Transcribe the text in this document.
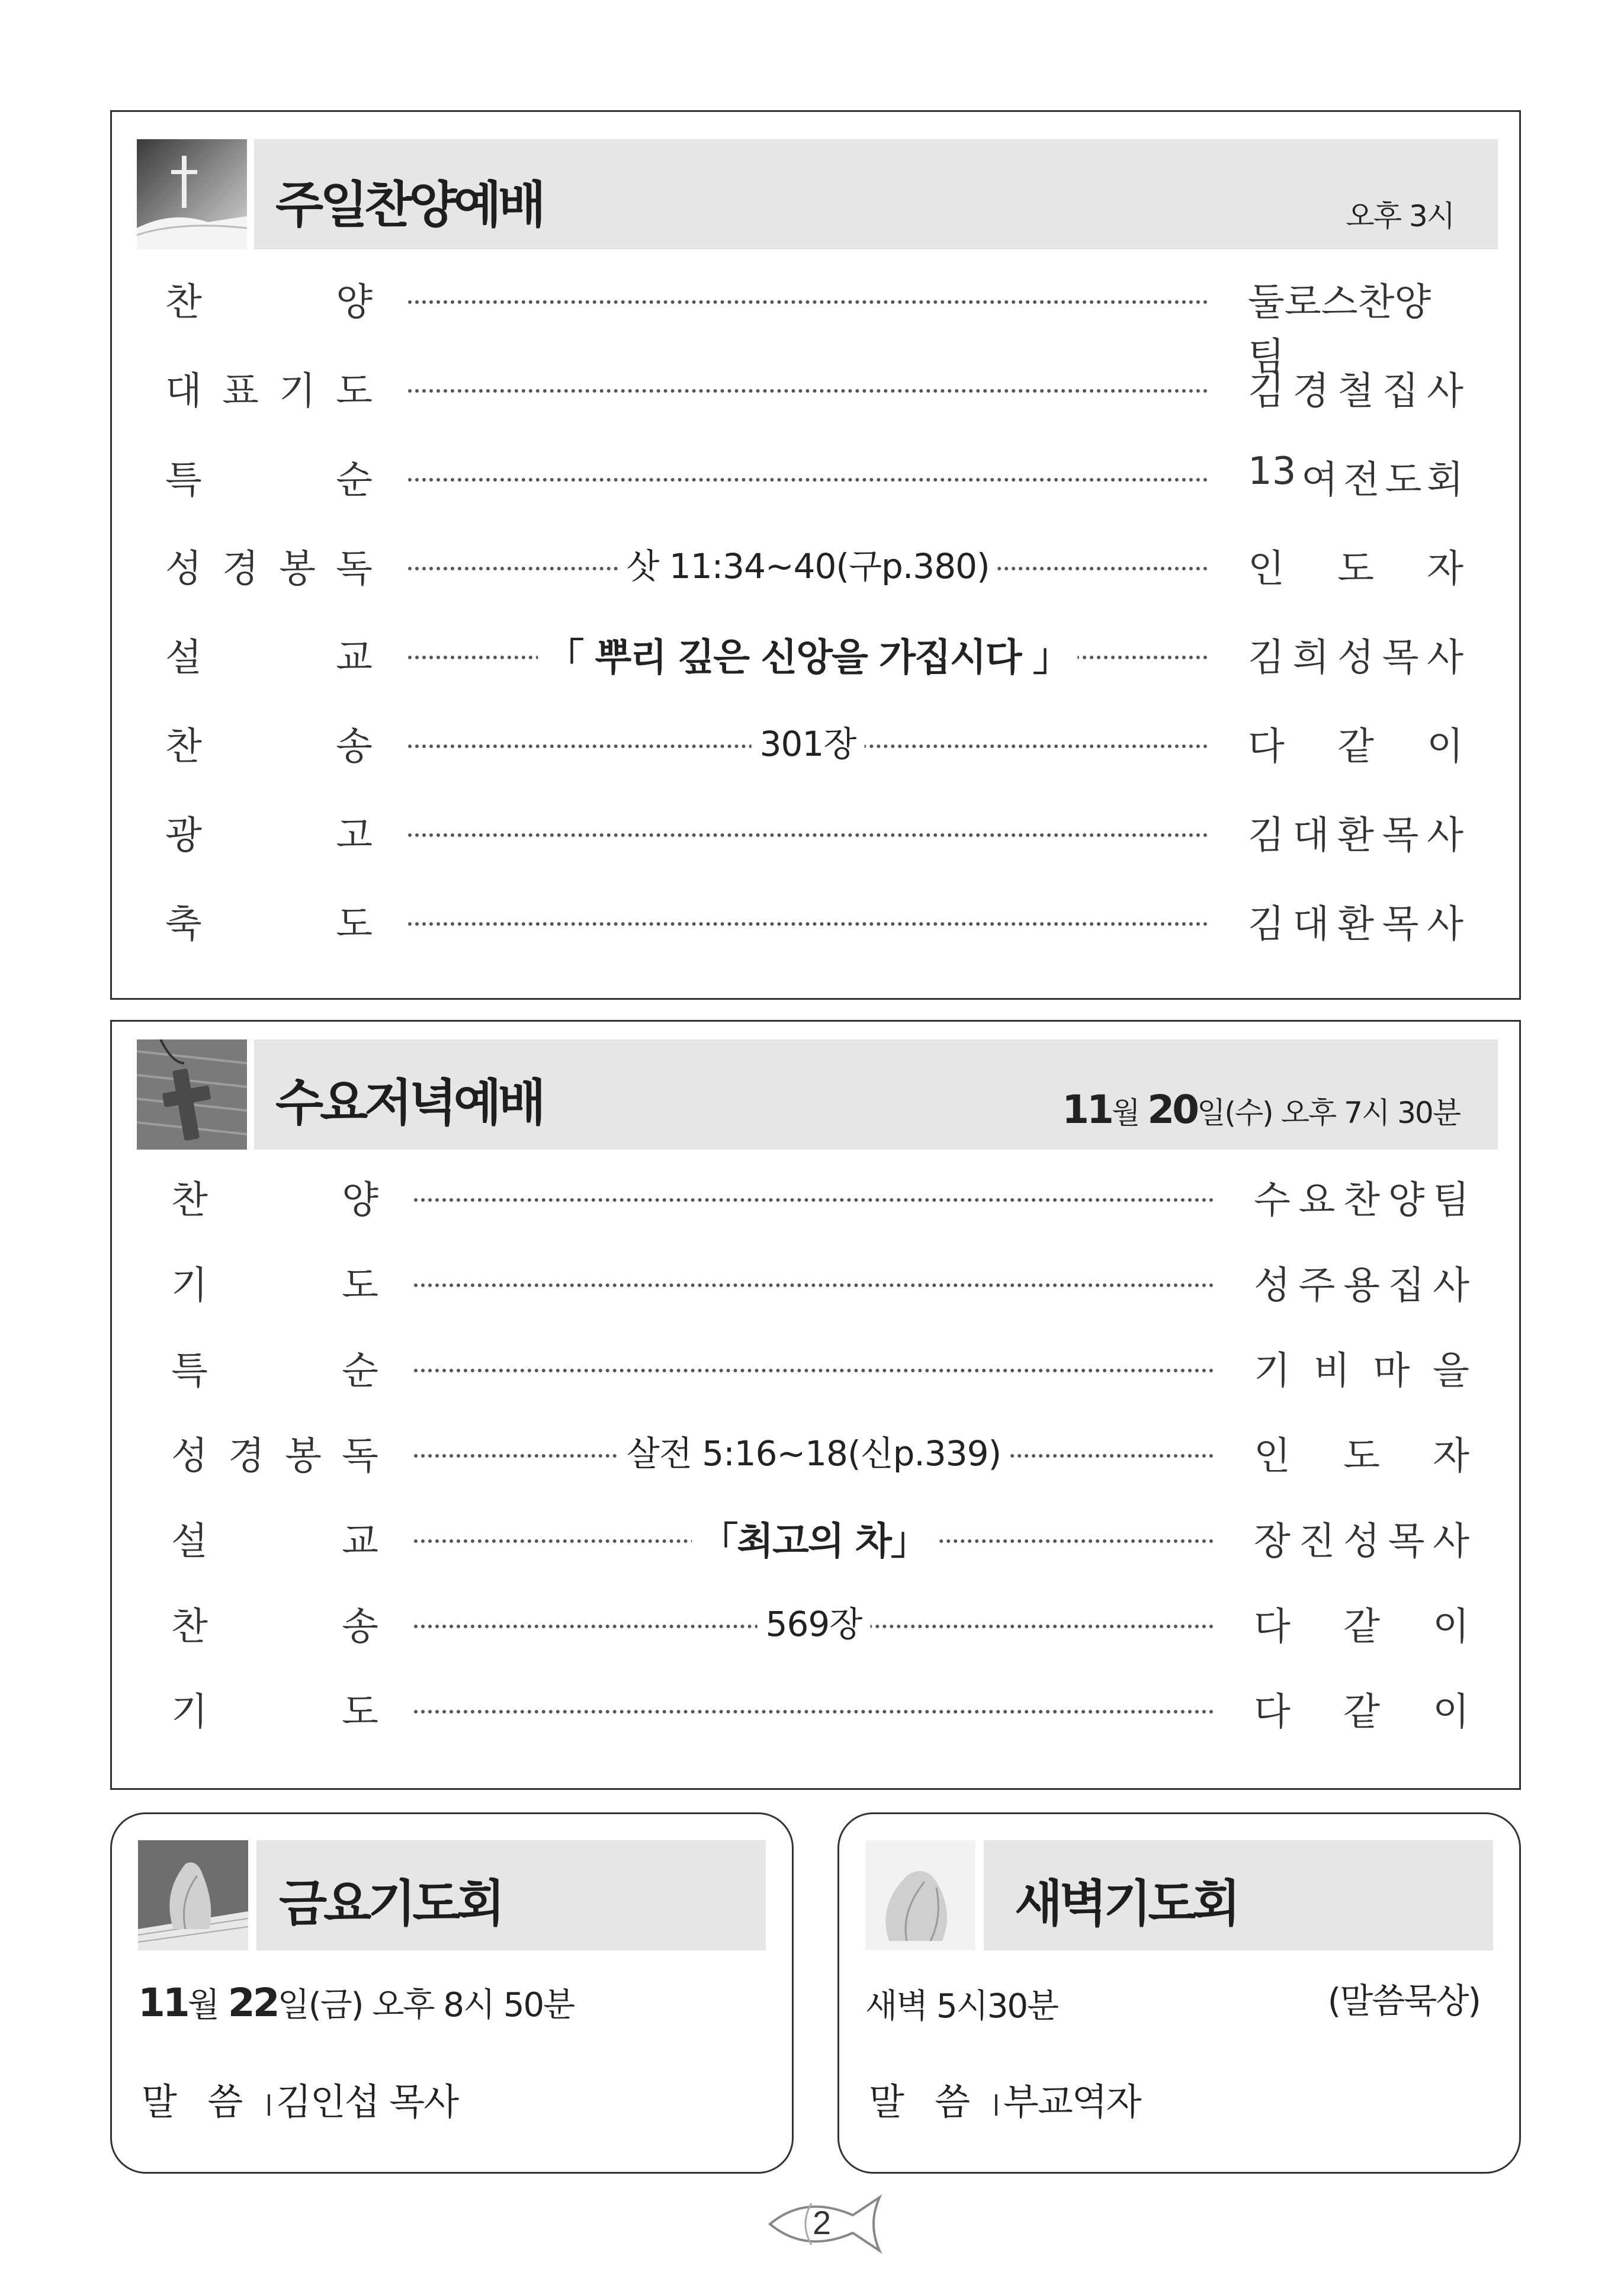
주일찬양예배	오후 3시
찬	양	둘로스찬양팀
대 표 기 도	김 경 철 집 사
특	순	13 여 전 도 회
성 경 봉 독	삿 11:34~40(구p.380)	인 도 자
설	교	「 뿌리 깊은 신앙을 가집시다 」	김 희 성 목 사
찬	송	301장	다 같 이
광	고	김 대 환 목 사
축	도	김 대 환 목 사
수요저녁예배	11월 20일(수) 오후 7시 30분
찬	양	수 요 찬 양 팀
기	도	성 주 용 집 사
특	순	기 비 마 을
성 경 봉 독	살전 5:16~18(신p.339)	인 도 자
설	교	「최고의 차」	장 진 성 목 사
찬	송	569장	다 같 이
기	도	다 같 이
금요기도회
11월 22일(금) 오후 8시 50분
말  씀 김인섭 목사
새벽기도회
새벽 5시30분	(말씀묵상)
말  씀 부교역자
2
